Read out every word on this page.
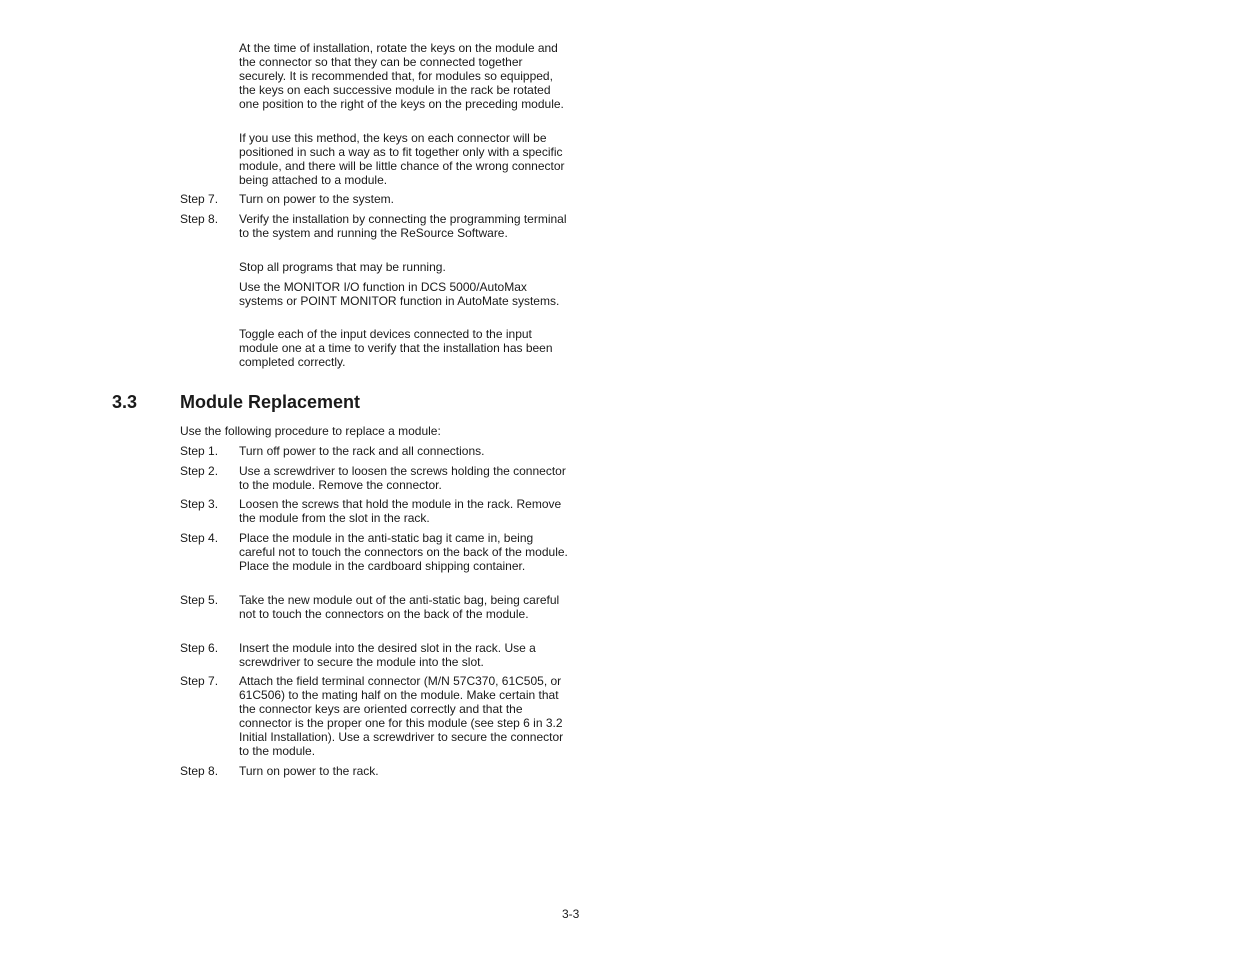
At the time of installation, rotate the keys on the module and the connector so that they can be connected together securely. It is recommended that, for modules so equipped, the keys on each successive module in the rack be rotated one position to the right of the keys on the preceding module.

If you use this method, the keys on each connector will be positioned in such a way as to fit together only with a specific module, and there will be little chance of the wrong connector being attached to a module.

Step 7. Turn on power to the system.
Step 8. Verify the installation by connecting the programming terminal to the system and running the ReSource Software.

Stop all programs that may be running.

Use the MONITOR I/O function in DCS 5000/AutoMax systems or POINT MONITOR function in AutoMate systems.

Toggle each of the input devices connected to the input module one at a time to verify that the installation has been completed correctly.

3.3 Module Replacement
Use the following procedure to replace a module:
Step 1. Turn off power to the rack and all connections.
Step 2. Use a screwdriver to loosen the screws holding the connector to the module. Remove the connector.
Step 3. Loosen the screws that hold the module in the rack. Remove the module from the slot in the rack.
Step 4. Place the module in the anti-static bag it came in, being careful not to touch the connectors on the back of the module. Place the module in the cardboard shipping container.
Step 5. Take the new module out of the anti-static bag, being careful not to touch the connectors on the back of the module.
Step 6. Insert the module into the desired slot in the rack. Use a screwdriver to secure the module into the slot.
Step 7. Attach the field terminal connector (M/N 57C370, 61C505, or 61C506) to the mating half on the module. Make certain that the connector keys are oriented correctly and that the connector is the proper one for this module (see step 6 in 3.2 Initial Installation). Use a screwdriver to secure the connector to the module.
Step 8. Turn on power to the rack.
3-3
